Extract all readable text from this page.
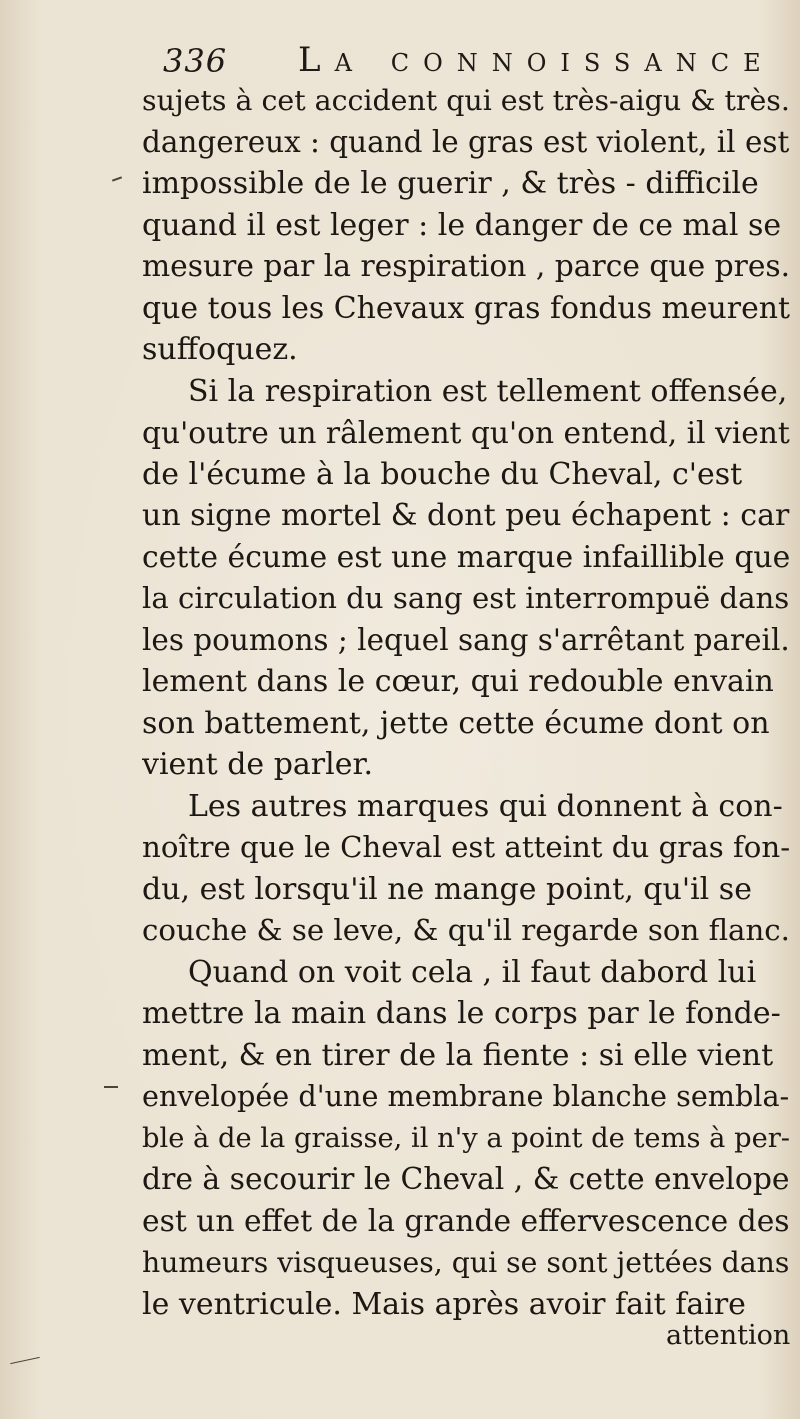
336 La connoissance
sujets à cet accident qui est très-aigu & très.
dangereux : quand le gras est violent, il est
impossible de le guerir , & très - difficile
quand il est leger : le danger de ce mal se
mesure par la respiration , parce que pres.
que tous les Chevaux gras fondus meurent
suffoquez.
Si la respiration est tellement offensée,
qu'outre un râlement qu'on entend, il vient
de l'écume à la bouche du Cheval, c'est
un signe mortel & dont peu échapent : car
cette écume est une marque infaillible que
la circulation du sang est interrompuë dans
les poumons ; lequel sang s'arrêtant pareil.
lement dans le cœur, qui redouble envain
son battement, jette cette écume dont on
vient de parler.
Les autres marques qui donnent à con-
noître que le Cheval est atteint du gras fon-
du, est lorsqu'il ne mange point, qu'il se
couche & se leve, & qu'il regarde son flanc.
Quand on voit cela , il faut dabord lui
mettre la main dans le corps par le fonde-
ment, & en tirer de la fiente : si elle vient
envelopée d'une membrane blanche sembla-
ble à de la graisse, il n'y a point de tems à per-
dre à secourir le Cheval , & cette envelope
est un effet de la grande effervescence des
humeurs visqueuses, qui se sont jettées dans
le ventricule. Mais après avoir fait faire
attention
